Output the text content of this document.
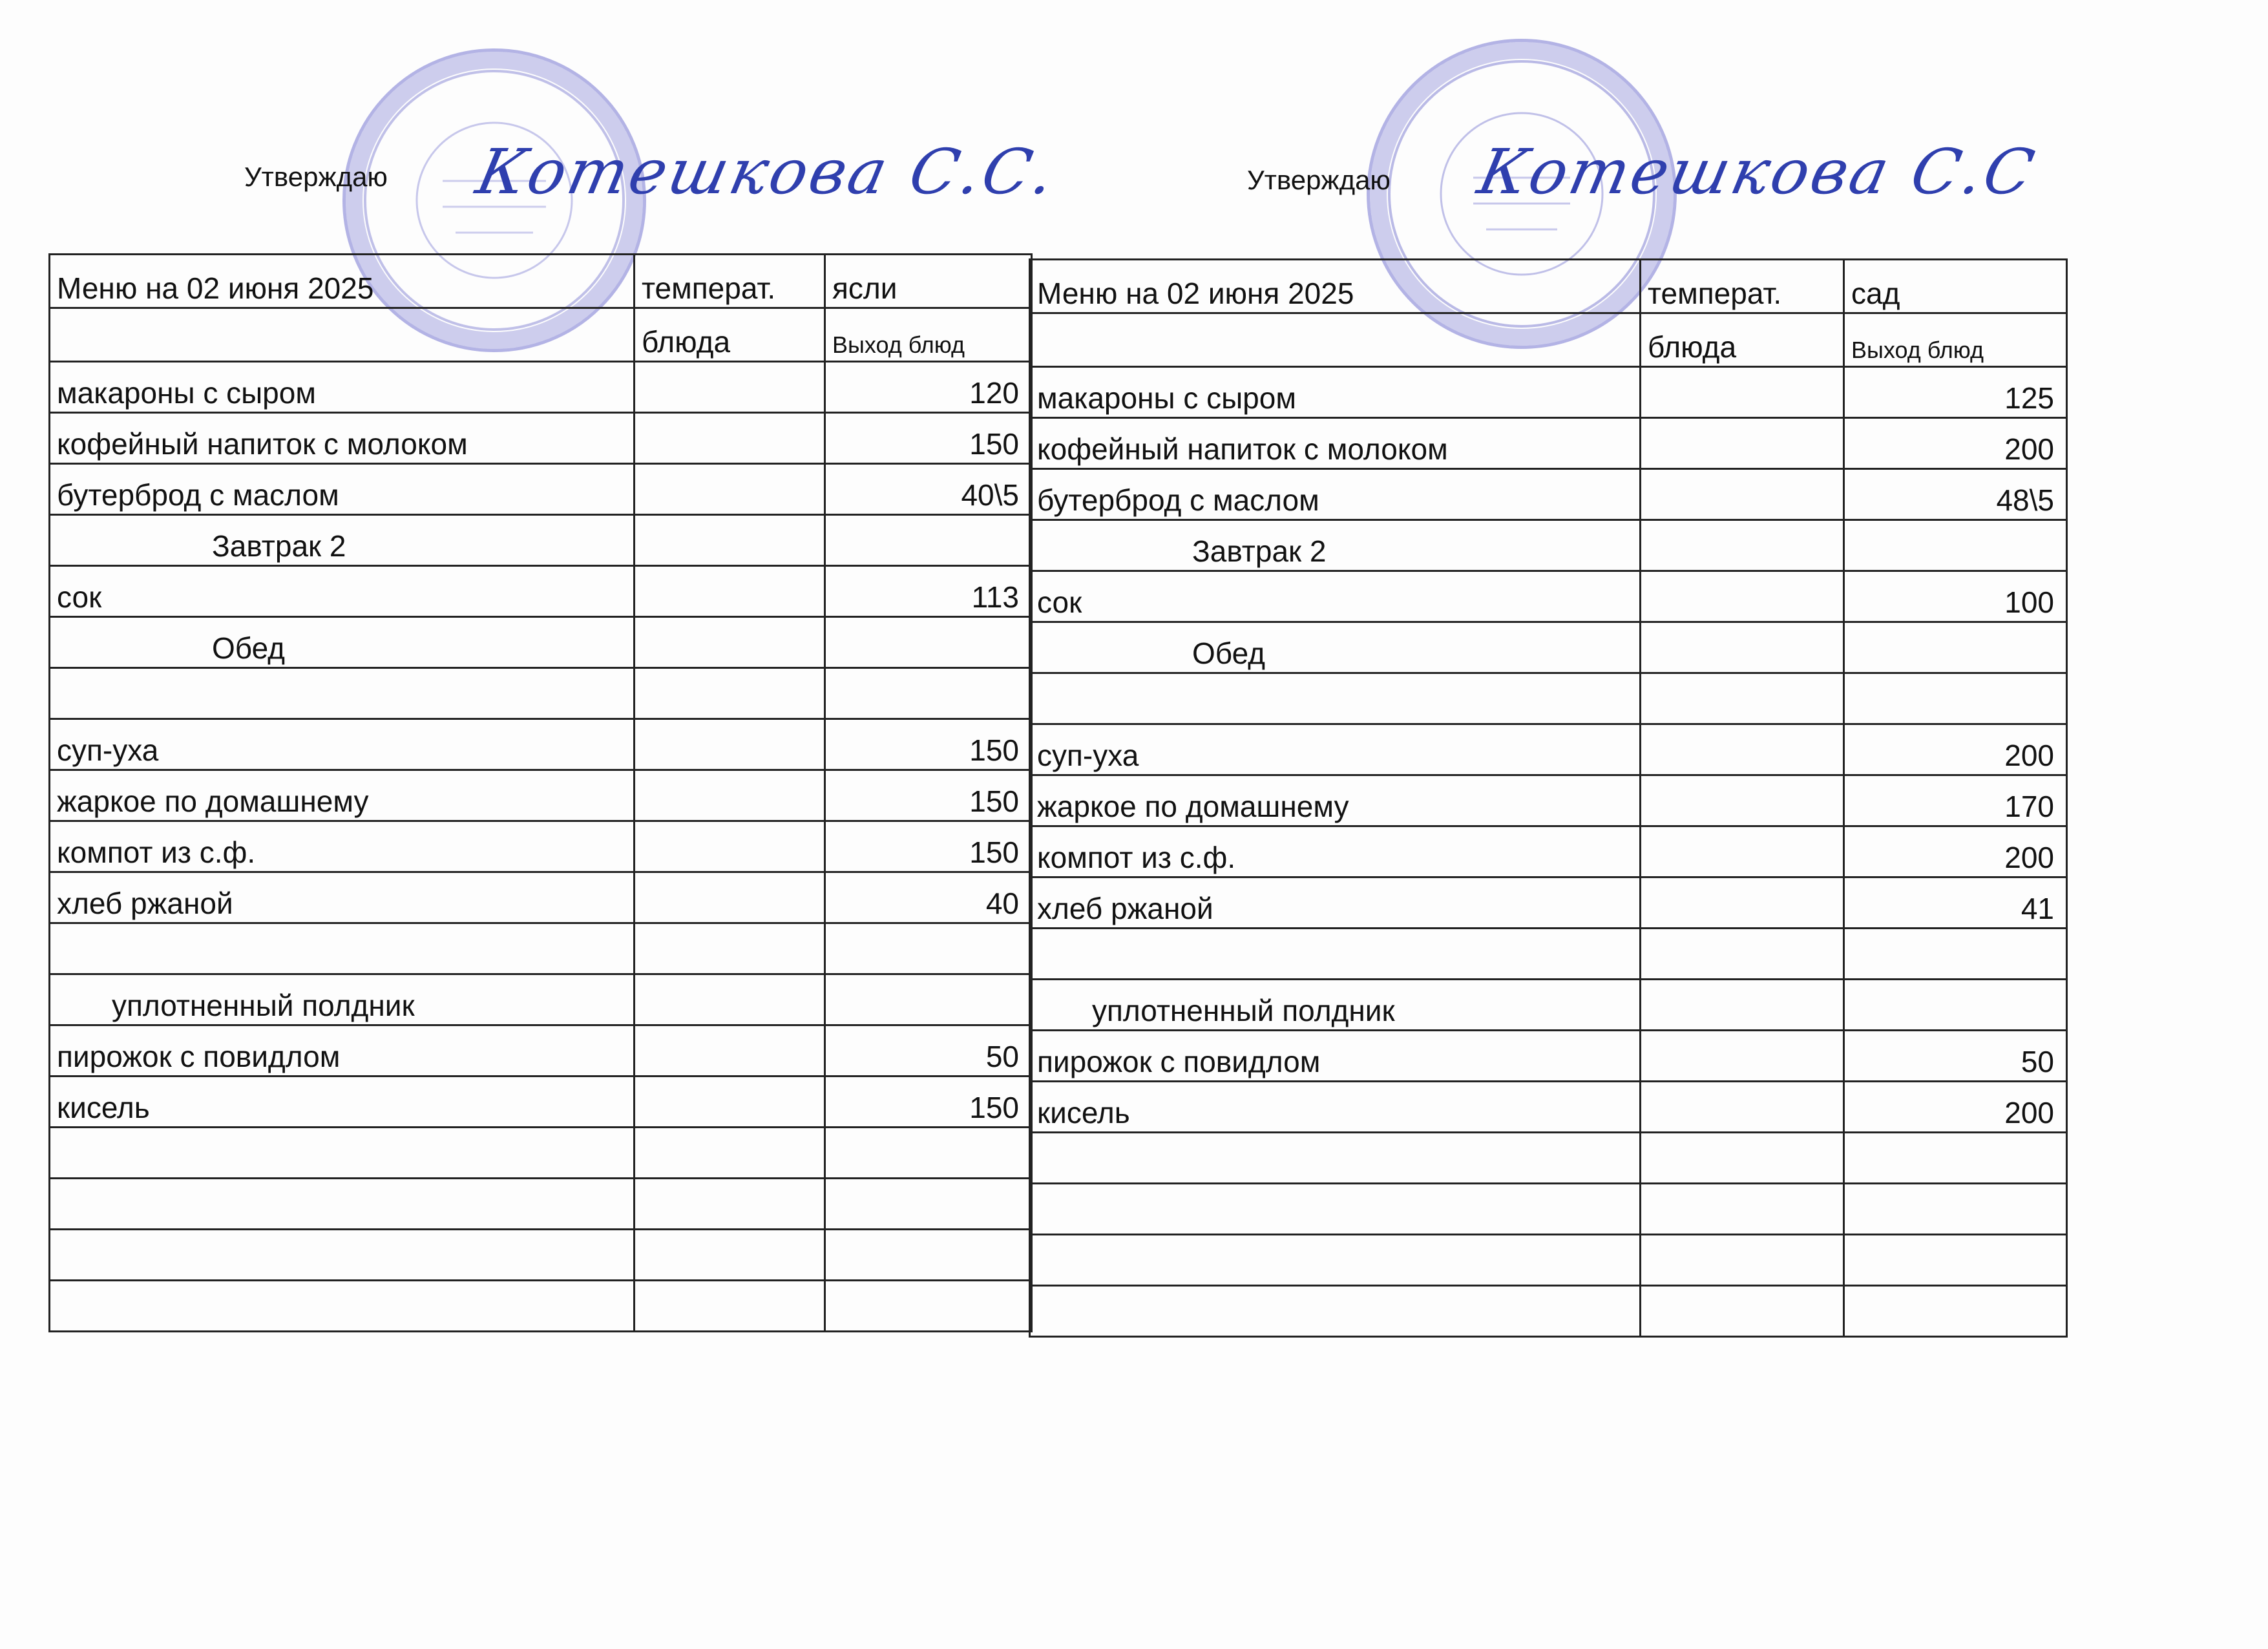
Утверждаю Котешкова С.С.	Утверждаю Котешкова С.С
Меню на 02 июня 2025	температ.	ясли
	блюда	Выход блюд
макароны с сыром		120
кофейный напиток с молоком		150
бутерброд с маслом		40\5
Завтрак 2		
сок		113
Обед		

суп-уха		150
жаркое по домашнему		150
компот из с.ф.		150
хлеб ржаной		40

уплотненный полдник		
пирожок с повидлом		50
кисель		150

Меню на 02 июня 2025	температ.	сад
	блюда	Выход блюд
макароны с сыром		125
кофейный напиток с молоком		200
бутерброд с маслом		48\5
Завтрак 2		
сок		100
Обед		

суп-уха		200
жаркое по домашнему		170
компот из с.ф.		200
хлеб ржаной		41

уплотненный полдник		
пирожок с повидлом		50
кисель		200
